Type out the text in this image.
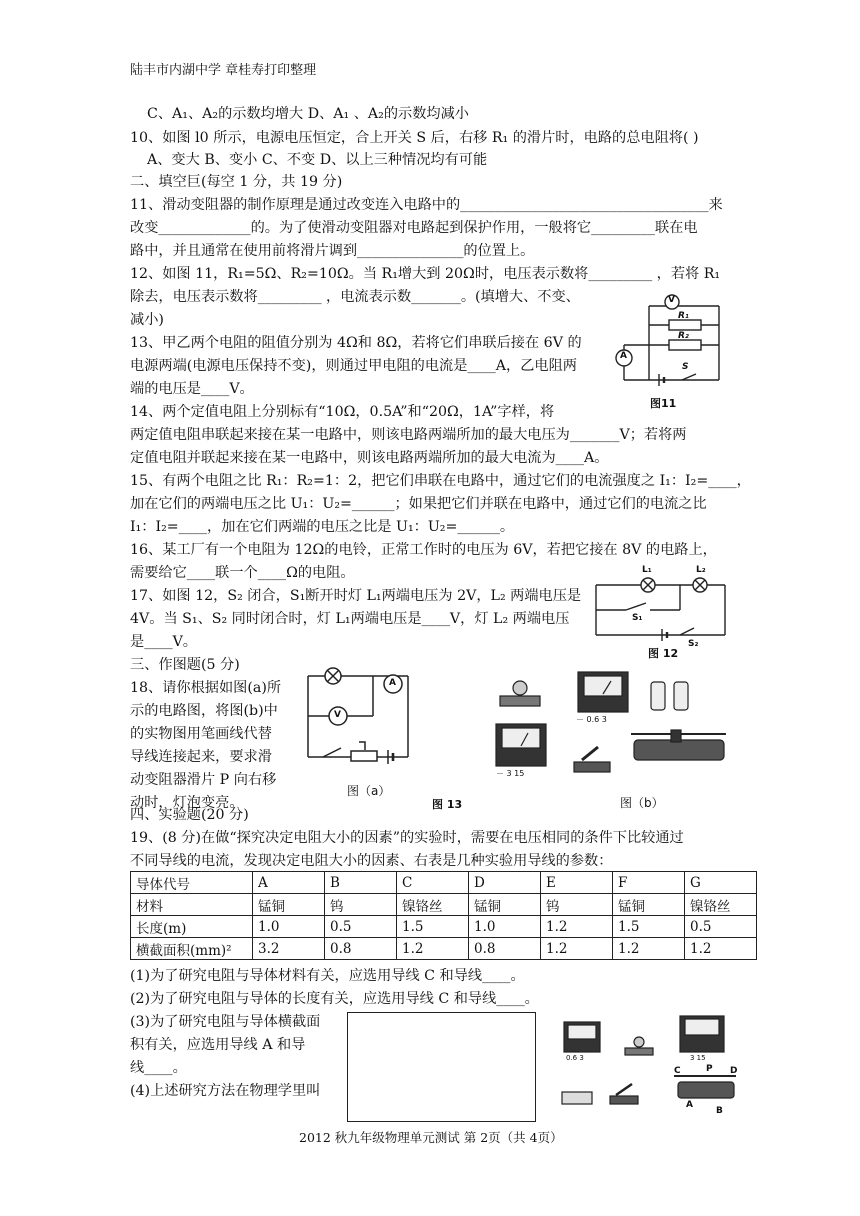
陆丰市内湖中学 章桂寿打印整理
2012 秋九年级物理单元测试 第 2页（共 4页）
C、A₁、A₂的示数均增大 D、A₁ 、A₂的示数均减小
10、如图 l0 所示，电源电压恒定，合上开关 S 后，右移 R₁ 的滑片时，电路的总电阻将( )
A、变大 B、变小 C、不变 D、以上三种情况均有可能
二、填空巨(每空 1 分，共 19 分)
11、滑动变阻器的制作原理是通过改变连入电路中的___________________________________来
改变_____________的。为了使滑动变阻器对电路起到保护作用，一般将它_________联在电
路中，并且通常在使用前将滑片调到_______________的位置上。
12、如图 11，R₁=5Ω、R₂=10Ω。当 R₁增大到 20Ω时，电压表示数将_________ ，若将 R₁
除去，电压表示数将_________ ，电流表示数_______。(填增大、不变、
减小)
13、甲乙两个电阻的阻值分别为 4Ω和 8Ω，若将它们串联后接在 6V 的
电源两端(电源电压保持不变)，则通过甲电阻的电流是____A，乙电阻两
端的电压是____V。
14、两个定值电阻上分别标有“10Ω，0.5A”和“20Ω，1A”字样，将
两定值电阻串联起来接在某一电路中，则该电路两端所加的最大电压为_______V；若将两
定值电阻并联起来接在某一电路中，则该电路两端所加的最大电流为____A。
15、有两个电阻之比 R₁：R₂=1：2，把它们串联在电路中，通过它们的电流强度之 I₁：I₂=____，
加在它们的两端电压之比 U₁：U₂=______；如果把它们并联在电路中，通过它们的电流之比
I₁：I₂=____，加在它们两端的电压之比是 U₁：U₂=______。
16、某工厂有一个电阻为 12Ω的电铃，正常工作时的电压为 6V，若把它接在 8V 的电路上，
需要给它____联一个____Ω的电阻。
17、如图 12，S₂ 闭合，S₁断开时灯 L₁两端电压为 2V，L₂ 两端电压是
4V。当 S₁、S₂ 同时闭合时，灯 L₁两端电压是____V，灯 L₂ 两端电压
是____V。
三、作图题(5 分)
18、请你根据如图(a)所
示的电路图，将图(b)中
的实物图用笔画线代替
导线连接起来，要求滑
动变阻器滑片 P 向右移
动时，灯泡变亮。
四、实验题(20 分)
19、(8 分)在做“探究决定电阻大小的因素”的实验时，需要在电压相同的条件下比较通过
不同导线的电流，发现决定电阻大小的因素、右表是几种实验用导线的参数：
导体代号	A	B	C	D	E	F	G
材料	锰铜	钨	镍铬丝	锰铜	钨	锰铜	镍铬丝
长度(m)	1.0	0.5	1.5	1.0	1.2	1.5	0.5
横截面积(mm)²	3.2	0.8	1.2	0.8	1.2	1.2	1.2
(1)为了研究电阻与导体材料有关，应选用导线 C 和导线____。
(2)为了研究电阻与导体的长度有关，应选用导线 C 和导线____。
(3)为了研究电阻与导体横截面
积有关，应选用导线 A 和导
线____。
(4)上述研究方法在物理学里叫
V
R₁
R₂
A
S
图11
L₁	L₂
S₁
S₂
图 12
A
V
图（a）
图 13
－ 0.6 3
－ 3 15
图（b）
0.6 3	3 15
C	P D
A
B
